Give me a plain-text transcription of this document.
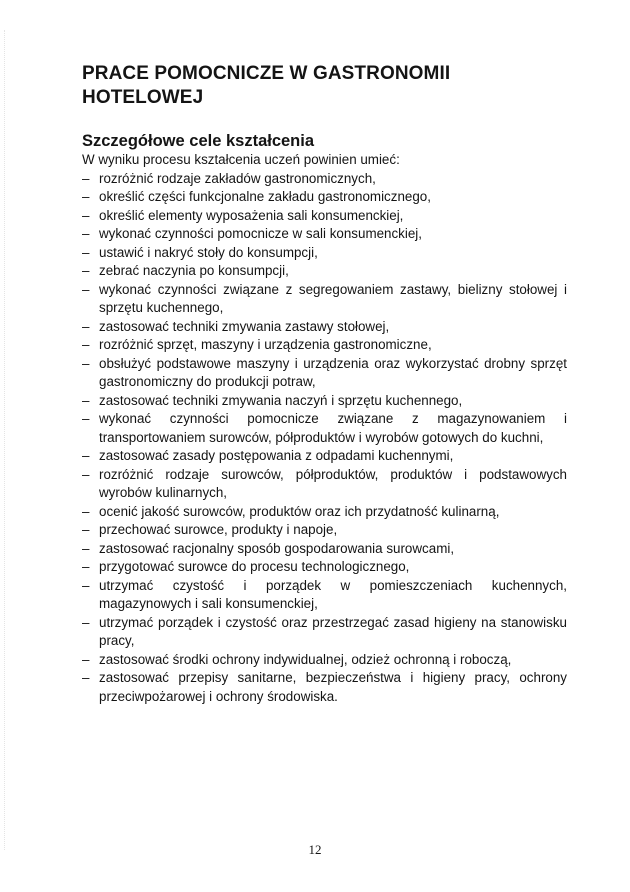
PRACE POMOCNICZE W GASTRONOMII HOTELOWEJ
Szczegółowe cele kształcenia

W wyniku procesu kształcenia uczeń powinien umieć:

– rozróżnić rodzaje zakładów gastronomicznych,
– określić części funkcjonalne zakładu gastronomicznego,
– określić elementy wyposażenia sali konsumenckiej,
– wykonać czynności pomocnicze w sali konsumenckiej,
– ustawić i nakryć stoły do konsumpcji,
– zebrać naczynia po konsumpcji,
– wykonać czynności związane z segregowaniem zastawy, bielizny stołowej i sprzętu kuchennego,
– zastosować techniki zmywania zastawy stołowej,
– rozróżnić sprzęt, maszyny i urządzenia gastronomiczne,
– obsłużyć podstawowe maszyny i urządzenia oraz wykorzystać drobny sprzęt gastronomiczny do produkcji potraw,
– zastosować techniki zmywania naczyń i sprzętu kuchennego,
– wykonać czynności pomocnicze związane z magazynowaniem i transportowaniem surowców, półproduktów i wyrobów gotowych do kuchni,
– zastosować zasady postępowania z odpadami kuchennymi,
– rozróżnić rodzaje surowców, półproduktów, produktów i podstawowych wyrobów kulinarnych,
– ocenić jakość surowców, produktów oraz ich przydatność kulinarną,
– przechować surowce, produkty i napoje,
– zastosować racjonalny sposób gospodarowania surowcami,
– przygotować surowce do procesu technologicznego,
– utrzymać czystość i porządek w pomieszczeniach kuchennych, magazynowych i sali konsumenckiej,
– utrzymać porządek i czystość oraz przestrzegać zasad higieny na stanowisku pracy,
– zastosować środki ochrony indywidualnej, odzież ochronną i roboczą,
– zastosować przepisy sanitarne, bezpieczeństwa i higieny pracy, ochrony przeciwpożarowej i ochrony środowiska.
12
